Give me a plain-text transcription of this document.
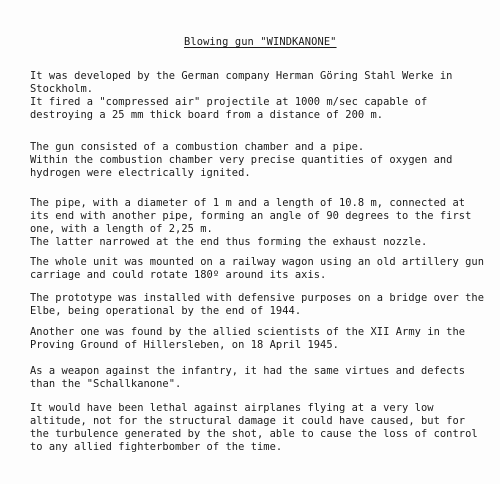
Blowing gun "WINDKANONE"
It was developed by the German company Herman Göring Stahl Werke in
Stockholm.
It fired a "compressed air" projectile at 1000 m/sec capable of
destroying a 25 mm thick board from a distance of 200 m.
The gun consisted of a combustion chamber and a pipe.
Within the combustion chamber very precise quantities of oxygen and
hydrogen were electrically ignited.
The pipe, with a diameter of 1 m and a length of 10.8 m, connected at
its end with another pipe, forming an angle of 90 degrees to the first
one, with a length of 2,25 m.
The latter narrowed at the end thus forming the exhaust nozzle.
The whole unit was mounted on a railway wagon using an old artillery gun
carriage and could rotate 180º around its axis.
The prototype was installed with defensive purposes on a bridge over the
Elbe, being operational by the end of 1944.
Another one was found by the allied scientists of the XII Army in the
Proving Ground of Hillersleben, on 18 April 1945.
As a weapon against the infantry, it had the same virtues and defects
than the "Schallkanone".
It would have been lethal against airplanes flying at a very low
altitude, not for the structural damage it could have caused, but for
the turbulence generated by the shot, able to cause the loss of control
to any allied fighterbomber of the time.
